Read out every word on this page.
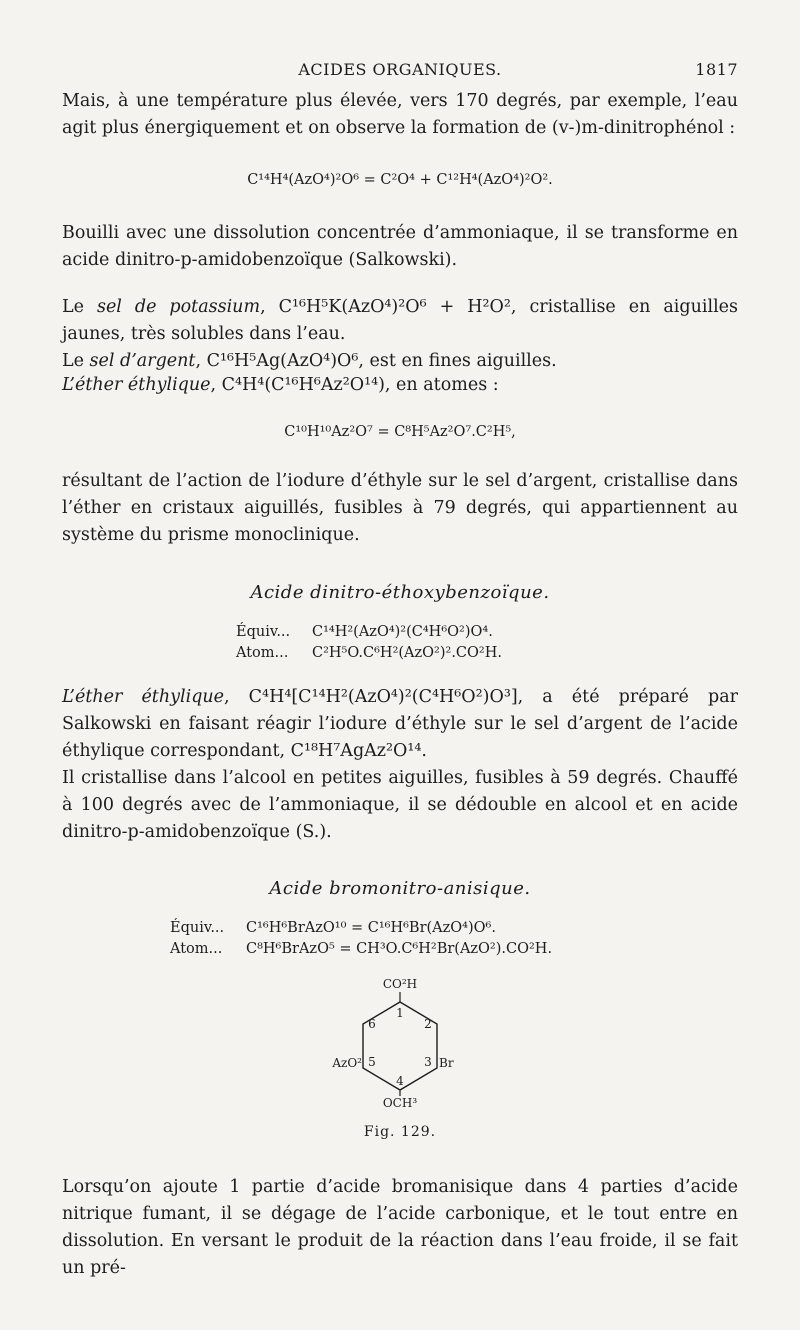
ACIDES ORGANIQUES.	1817
Mais, à une température plus élevée, vers 170 degrés, par exemple, l’eau agit plus énergiquement et on observe la formation de (v-)m-dinitrophénol :
C¹⁴H⁴(AzO⁴)²O⁶ = C²O⁴ + C¹²H⁴(AzO⁴)²O².
Bouilli avec une dissolution concentrée d’ammoniaque, il se transforme en acide dinitro-p-amidobenzoïque (Salkowski).
Le sel de potassium, C¹⁶H⁵K(AzO⁴)²O⁶ + H²O², cristallise en aiguilles jaunes, très solubles dans l’eau.
Le sel d’argent, C¹⁶H⁵Ag(AzO⁴)O⁶, est en fines aiguilles.
L’éther éthylique, C⁴H⁴(C¹⁶H⁶Az²O¹⁴), en atomes :
C¹⁰H¹⁰Az²O⁷ = C⁸H⁵Az²O⁷.C²H⁵,
résultant de l’action de l’iodure d’éthyle sur le sel d’argent, cristallise dans l’éther en cristaux aiguillés, fusibles à 79 degrés, qui appartiennent au système du prisme monoclinique.
Acide dinitro-éthoxybenzoïque.
Équiv... C¹⁴H²(AzO⁴)²(C⁴H⁶O²)O⁴.
Atom... C²H⁵O.C⁶H²(AzO²)².CO²H.
L’éther éthylique, C⁴H⁴[C¹⁴H²(AzO⁴)²(C⁴H⁶O²)O³], a été préparé par Salkowski en faisant réagir l’iodure d’éthyle sur le sel d’argent de l’acide éthylique correspondant, C¹⁸H⁷AgAz²O¹⁴.
Il cristallise dans l’alcool en petites aiguilles, fusibles à 59 degrés. Chauffé à 100 degrés avec de l’ammoniaque, il se dédouble en alcool et en acide dinitro-p-amidobenzoïque (S.).
Acide bromonitro-anisique.
Équiv... C¹⁶H⁶BrAzO¹⁰ = C¹⁶H⁶Br(AzO⁴)O⁶.
Atom... C⁸H⁶BrAzO⁵ = CH³O.C⁶H²Br(AzO²).CO²H.
CO²H
1
2
3
4
5
6
AzO²	Br
OCH³
Fig. 129.
Lorsqu’on ajoute 1 partie d’acide bromanisique dans 4 parties d’acide nitrique fumant, il se dégage de l’acide carbonique, et le tout entre en dissolution. En versant le produit de la réaction dans l’eau froide, il se fait un pré-
